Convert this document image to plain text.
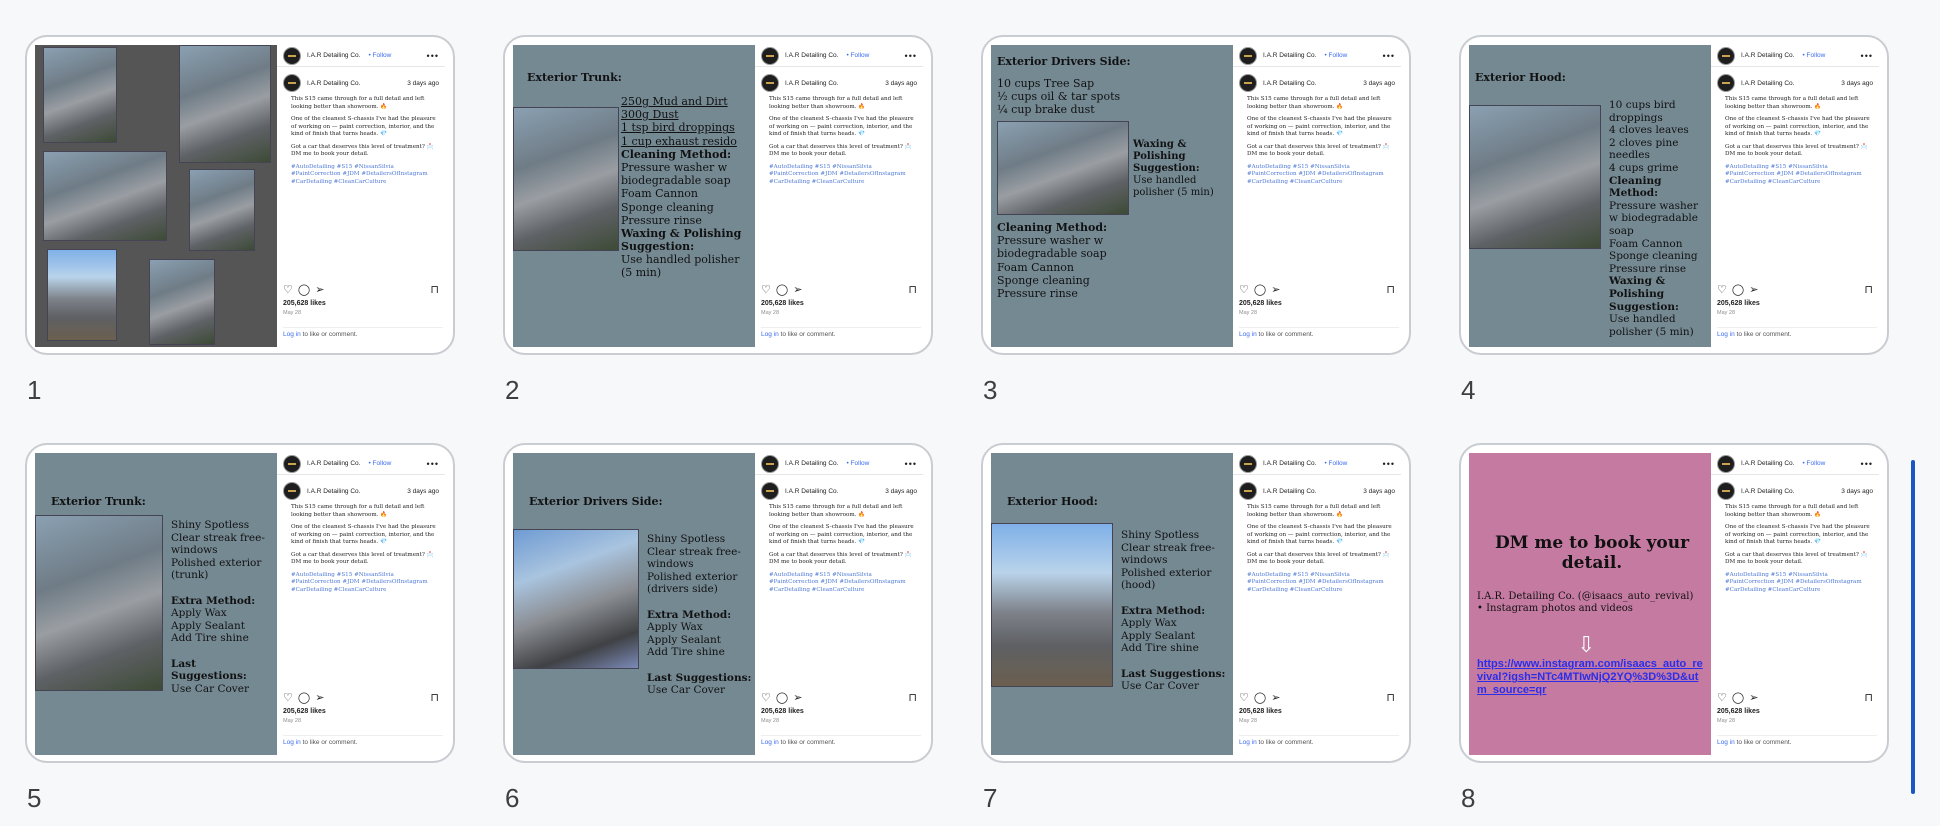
I.A.R Detailing Co. • Follow	•••
I.A.R Detailing Co.	3 days ago

This S15 came through for a full detail and left looking better than showroom. 🔥

One of the cleanest S-chassis I've had the pleasure of working on — paint correction, interior, and the kind of finish that turns heads. 💎

Got a car that deserves this level of treatment? 📩 DM me to book your detail.

#AutoDetailing #S15 #NissanSilvia #PaintCorrection #JDM #DetailersOfInstagram #CarDetailing #CleanCarCulture

♡ ◯ ➢	⊓
205,628 likes
May 28
Log in to like or comment.
1
Exterior Trunk:
250g Mud and Dirt
300g Dust
1 tsp bird droppings
1 cup exhaust resido
Cleaning Method:
Pressure washer w biodegradable soap
Foam Cannon
Sponge cleaning
Pressure rinse
Waxing & Polishing Suggestion:
Use handled polisher (5 min)
I.A.R Detailing Co. • Follow	•••
I.A.R Detailing Co.	3 days ago

This S15 came through for a full detail and left looking better than showroom. 🔥

One of the cleanest S-chassis I've had the pleasure of working on — paint correction, interior, and the kind of finish that turns heads. 💎

Got a car that deserves this level of treatment? 📩 DM me to book your detail.

#AutoDetailing #S15 #NissanSilvia #PaintCorrection #JDM #DetailersOfInstagram #CarDetailing #CleanCarCulture

♡ ◯ ➢	⊓
205,628 likes
May 28
Log in to like or comment.
2
Exterior Drivers Side:
10 cups Tree Sap
½ cups oil & tar spots
¼ cup brake dust
Waxing & Polishing Suggestion:
Use handled polisher (5 min)
Cleaning Method:
Pressure washer w biodegradable soap
Foam Cannon
Sponge cleaning
Pressure rinse
I.A.R Detailing Co. • Follow	•••
I.A.R Detailing Co.	3 days ago

This S15 came through for a full detail and left looking better than showroom. 🔥

One of the cleanest S-chassis I've had the pleasure of working on — paint correction, interior, and the kind of finish that turns heads. 💎

Got a car that deserves this level of treatment? 📩 DM me to book your detail.

#AutoDetailing #S15 #NissanSilvia #PaintCorrection #JDM #DetailersOfInstagram #CarDetailing #CleanCarCulture

♡ ◯ ➢	⊓
205,628 likes
May 28
Log in to like or comment.
3
Exterior Hood:
10 cups bird droppings
4 cloves leaves
2 cloves pine needles
4 cups grime
Cleaning Method:
Pressure washer w biodegradable soap
Foam Cannon
Sponge cleaning
Pressure rinse
Waxing & Polishing Suggestion:
Use handled polisher (5 min)
I.A.R Detailing Co. • Follow	•••
I.A.R Detailing Co.	3 days ago

This S15 came through for a full detail and left looking better than showroom. 🔥

One of the cleanest S-chassis I've had the pleasure of working on — paint correction, interior, and the kind of finish that turns heads. 💎

Got a car that deserves this level of treatment? 📩 DM me to book your detail.

#AutoDetailing #S15 #NissanSilvia #PaintCorrection #JDM #DetailersOfInstagram #CarDetailing #CleanCarCulture

♡ ◯ ➢	⊓
205,628 likes
May 28
Log in to like or comment.
4
Exterior Trunk:
Shiny Spotless
Clear streak free-windows
Polished exterior (trunk)

Extra Method:
Apply Wax
Apply Sealant
Add Tire shine

Last Suggestions:
Use Car Cover
I.A.R Detailing Co. • Follow	•••
I.A.R Detailing Co.	3 days ago

This S15 came through for a full detail and left looking better than showroom. 🔥

One of the cleanest S-chassis I've had the pleasure of working on — paint correction, interior, and the kind of finish that turns heads. 💎

Got a car that deserves this level of treatment? 📩 DM me to book your detail.

#AutoDetailing #S15 #NissanSilvia #PaintCorrection #JDM #DetailersOfInstagram #CarDetailing #CleanCarCulture

♡ ◯ ➢	⊓
205,628 likes
May 28
Log in to like or comment.
5
Exterior Drivers Side:
Shiny Spotless
Clear streak free-windows
Polished exterior (drivers side)

Extra Method:
Apply Wax
Apply Sealant
Add Tire shine

Last Suggestions:
Use Car Cover
I.A.R Detailing Co. • Follow	•••
I.A.R Detailing Co.	3 days ago

This S15 came through for a full detail and left looking better than showroom. 🔥

One of the cleanest S-chassis I've had the pleasure of working on — paint correction, interior, and the kind of finish that turns heads. 💎

Got a car that deserves this level of treatment? 📩 DM me to book your detail.

#AutoDetailing #S15 #NissanSilvia #PaintCorrection #JDM #DetailersOfInstagram #CarDetailing #CleanCarCulture

♡ ◯ ➢	⊓
205,628 likes
May 28
Log in to like or comment.
6
Exterior Hood:
Shiny Spotless
Clear streak free-windows
Polished exterior (hood)

Extra Method:
Apply Wax
Apply Sealant
Add Tire shine

Last Suggestions:
Use Car Cover
I.A.R Detailing Co. • Follow	•••
I.A.R Detailing Co.	3 days ago

This S15 came through for a full detail and left looking better than showroom. 🔥

One of the cleanest S-chassis I've had the pleasure of working on — paint correction, interior, and the kind of finish that turns heads. 💎

Got a car that deserves this level of treatment? 📩 DM me to book your detail.

#AutoDetailing #S15 #NissanSilvia #PaintCorrection #JDM #DetailersOfInstagram #CarDetailing #CleanCarCulture

♡ ◯ ➢	⊓
205,628 likes
May 28
Log in to like or comment.
7
DM me to book your detail.
I.A.R. Detailing Co. (@isaacs_auto_revival)
• Instagram photos and videos
⇩
https://www.instagram.com/isaacs_auto_revival?igsh=NTc4MTIwNjQ2YQ%3D%3D&utm_source=qr
I.A.R Detailing Co. • Follow	•••
I.A.R Detailing Co.	3 days ago

This S15 came through for a full detail and left looking better than showroom. 🔥

One of the cleanest S-chassis I've had the pleasure of working on — paint correction, interior, and the kind of finish that turns heads. 💎

Got a car that deserves this level of treatment? 📩 DM me to book your detail.

#AutoDetailing #S15 #NissanSilvia #PaintCorrection #JDM #DetailersOfInstagram #CarDetailing #CleanCarCulture

♡ ◯ ➢	⊓
205,628 likes
May 28
Log in to like or comment.
8
